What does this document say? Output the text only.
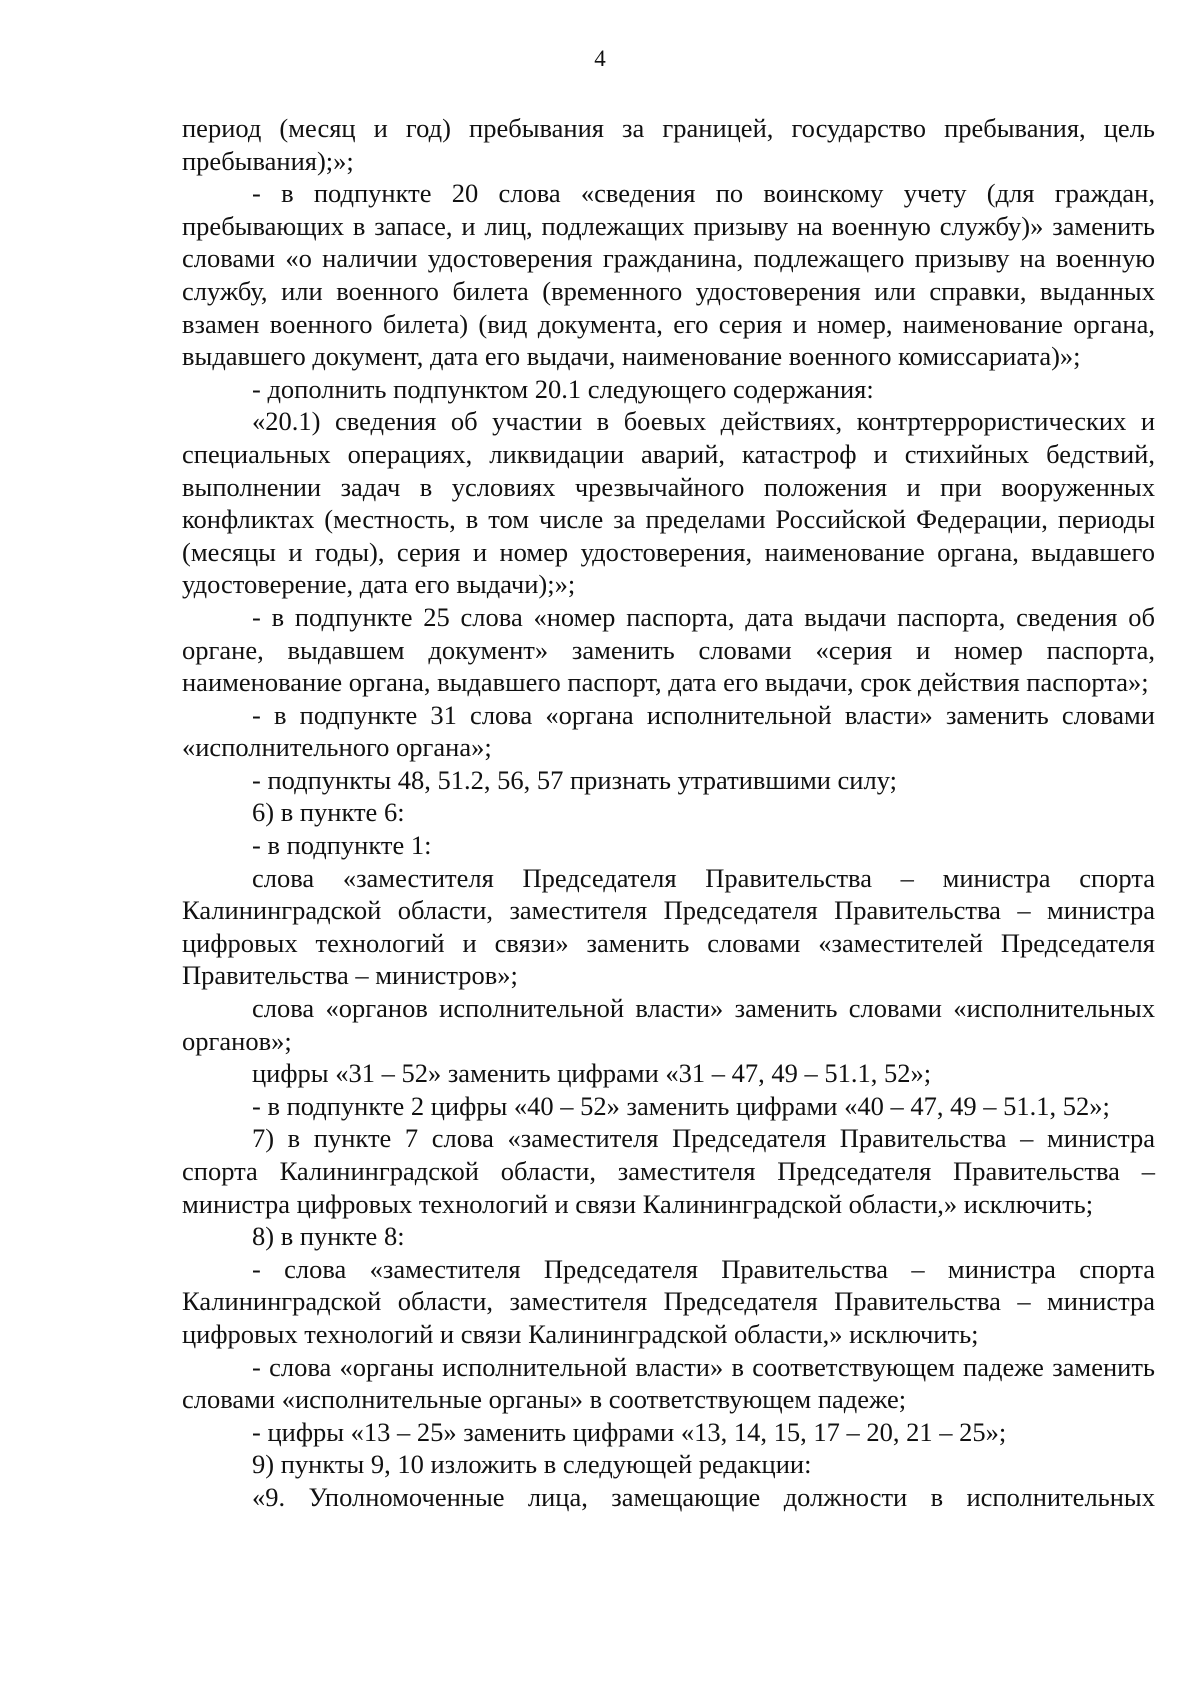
4

период (месяц и год) пребывания за границей, государство пребывания, цель пребывания);»;

- в подпункте 20 слова «сведения по воинскому учету (для граждан, пребывающих в запасе, и лиц, подлежащих призыву на военную службу)» заменить словами «о наличии удостоверения гражданина, подлежащего призыву на военную службу, или военного билета (временного удостоверения или справки, выданных взамен военного билета) (вид документа, его серия и номер, наименование органа, выдавшего документ, дата его выдачи, наименование военного комиссариата)»;

- дополнить подпунктом 20.1 следующего содержания:

«20.1) сведения об участии в боевых действиях, контртеррористических и специальных операциях, ликвидации аварий, катастроф и стихийных бедствий, выполнении задач в условиях чрезвычайного положения и при вооруженных конфликтах (местность, в том числе за пределами Российской Федерации, периоды (месяцы и годы), серия и номер удостоверения, наименование органа, выдавшего удостоверение, дата его выдачи);»;

- в подпункте 25 слова «номер паспорта, дата выдачи паспорта, сведения об органе, выдавшем документ» заменить словами «серия и номер паспорта, наименование органа, выдавшего паспорт, дата его выдачи, срок действия паспорта»;

- в подпункте 31 слова «органа исполнительной власти» заменить словами «исполнительного органа»;

- подпункты 48, 51.2, 56, 57 признать утратившими силу;

6) в пункте 6:

- в подпункте 1:

слова «заместителя Председателя Правительства – министра спорта Калининградской области, заместителя Председателя Правительства – министра цифровых технологий и связи» заменить словами «заместителей Председателя Правительства – министров»;

слова «органов исполнительной власти» заменить словами «исполнительных органов»;

цифры «31 – 52» заменить цифрами «31 – 47, 49 – 51.1, 52»;

- в подпункте 2 цифры «40 – 52» заменить цифрами «40 – 47, 49 – 51.1, 52»;

7) в пункте 7 слова «заместителя Председателя Правительства – министра спорта Калининградской области, заместителя Председателя Правительства – министра цифровых технологий и связи Калининградской области,» исключить;

8) в пункте 8:

- слова «заместителя Председателя Правительства – министра спорта Калининградской области, заместителя Председателя Правительства – министра цифровых технологий и связи Калининградской области,» исключить;

- слова «органы исполнительной власти» в соответствующем падеже заменить словами «исполнительные органы» в соответствующем падеже;

- цифры «13 – 25» заменить цифрами «13, 14, 15, 17 – 20, 21 – 25»;

9) пункты 9, 10 изложить в следующей редакции:

«9. Уполномоченные лица, замещающие должности в исполнительных
